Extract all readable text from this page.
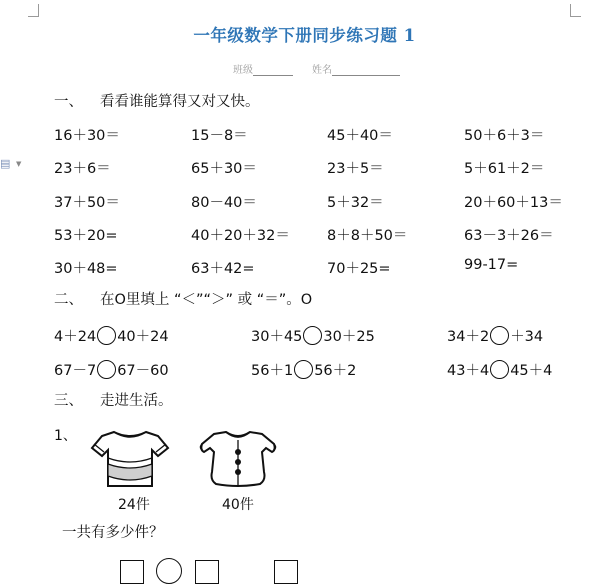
▤ ▼
一年级数学下册同步练习题 1
班级	姓名
一、 看看谁能算得又对又快。
16＋30＝	15－8＝	45＋40＝	50＋6＋3＝
23＋6＝	65＋30＝	23＋5＝	5＋61＋2＝
37＋50＝	80－40＝	5＋32＝	20＋60＋13＝
53＋20=	40＋20＋32＝	8＋8＋50＝	63－3＋26＝
30＋48=	63＋42=	70＋25=	99-17=
二、 在O里填上 “＜”“＞” 或 “＝”。O
4＋24 40＋24	30＋45 30＋25	34＋2 ＋34
67－7 67－60	56＋1 56＋2	43＋4 45＋4
三、 走进生活。
1、
24件	40件
一共有多少件？
